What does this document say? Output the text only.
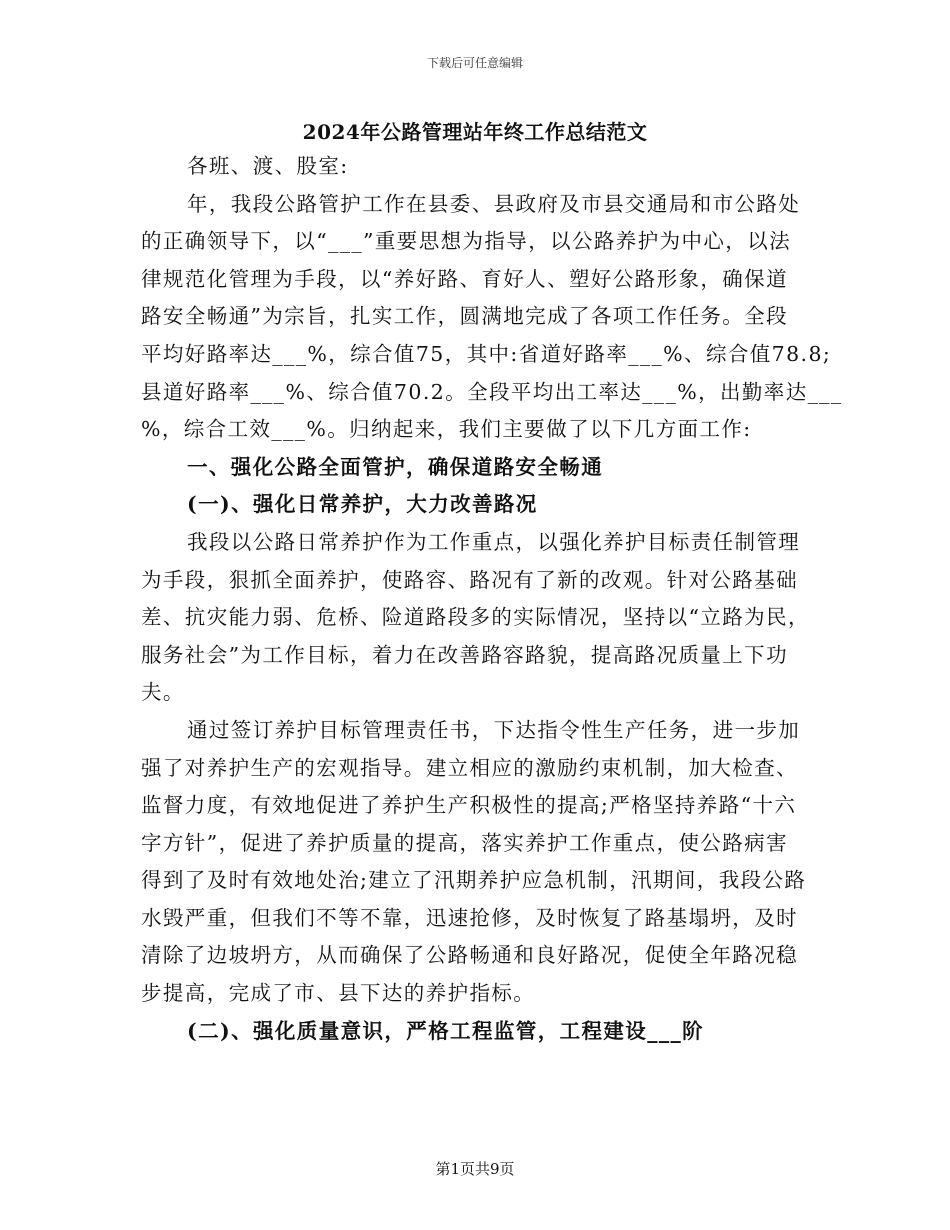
下载后可任意编辑
2024年公路管理站年终工作总结范文
各班、渡、股室:
年，我段公路管护工作在县委、县政府及市县交通局和市公路处
的正确领导下，以“___”重要思想为指导，以公路养护为中心，以法
律规范化管理为手段，以“养好路、育好人、塑好公路形象，确保道
路安全畅通”为宗旨，扎实工作，圆满地完成了各项工作任务。全段
平均好路率达___%，综合值75，其中:省道好路率___%、综合值78.8;
县道好路率___%、综合值70.2。全段平均出工率达___%，出勤率达___
%，综合工效___%。归纳起来，我们主要做了以下几方面工作:
一、强化公路全面管护，确保道路安全畅通
(一)、强化日常养护，大力改善路况
我段以公路日常养护作为工作重点，以强化养护目标责任制管理
为手段，狠抓全面养护，使路容、路况有了新的改观。针对公路基础
差、抗灾能力弱、危桥、险道路段多的实际情况，坚持以“立路为民，
服务社会”为工作目标，着力在改善路容路貌，提高路况质量上下功
夫。
通过签订养护目标管理责任书，下达指令性生产任务，进一步加
强了对养护生产的宏观指导。建立相应的激励约束机制，加大检查、
监督力度，有效地促进了养护生产积极性的提高;严格坚持养路“十六
字方针”，促进了养护质量的提高，落实养护工作重点，使公路病害
得到了及时有效地处治;建立了汛期养护应急机制，汛期间，我段公路
水毁严重，但我们不等不靠，迅速抢修，及时恢复了路基塌坍，及时
清除了边坡坍方，从而确保了公路畅通和良好路况，促使全年路况稳
步提高，完成了市、县下达的养护指标。
(二)、强化质量意识，严格工程监管，工程建设___阶
第1页共9页
